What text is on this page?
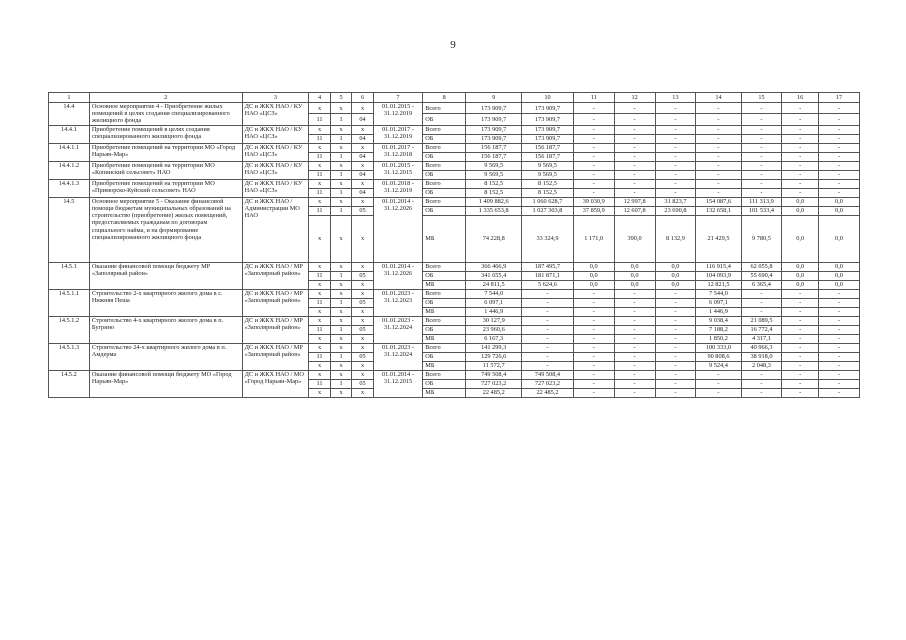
9
1	2	3	4	5	6	7	8	9	10	11	12	13	14	15	16	17
14.4	Основное мероприятие 4 - Приобретение жилых помещений в целях создания специализированного жилищного фонда	ДС и ЖКХ НАО / КУ НАО «ЦСЗ»	х	х	х	01.01.2015 - 31.12.2019	Всего	173 909,7	173 909,7	-	-	-	-	-	-	-
			11	1	04		ОБ	173 909,7	173 909,7	-	-	-	-	-	-	-
14.4.1	Приобретение помещений в целях создания специализированного жилищного фонда	ДС и ЖКХ НАО / КУ НАО «ЦСЗ»	х	х	х	01.01.2017 - 31.12.2019	Всего	173 909,7	173 909,7	-	-	-	-	-	-	-
			11	1	04		ОБ	173 909,7	173 909,7	-	-	-	-	-	-	-
14.4.1.1	Приобретение помещений на территории МО «Город Нарьян-Мар»	ДС и ЖКХ НАО / КУ НАО «ЦСЗ»	х	х	х	01.01.2017 - 31.12.2018	Всего	156 187,7	156 187,7	-	-	-	-	-	-	-
			11	1	04		ОБ	156 187,7	156 187,7	-	-	-	-	-	-	-
14.4.1.2	Приобретение помещений на территории МО «Копинский сельсовет» НАО	ДС и ЖКХ НАО / КУ НАО «ЦСЗ»	х	х	х	01.01.2015 - 31.12.2015	Всего	9 569,5	9 569,5	-	-	-	-	-	-	-
			11	1	04		ОБ	9 569,5	9 569,5	-	-	-	-	-	-	-
14.4.1.3	Приобретение помещений на территории МО «Приморско-Куйский сельсовет» НАО	ДС и ЖКХ НАО / КУ НАО «ЦСЗ»	х	х	х	01.01.2018 - 31.12.2019	Всего	8 152,5	8 152,5	-	-	-	-	-	-	-
			11	1	04		ОБ	8 152,5	8 152,5	-	-	-	-	-	-	-
14.5	Основное мероприятие 5 - Оказание финансовой помощи бюджетам муниципальных образований на строительство (приобретение) жилых помещений, предоставляемых гражданам по договорам социального найма, и на формирование специализированного жилищного фонда	ДС и ЖКХ НАО / Администрации МО НАО	х	х	х	01.01.2014 - 31.12.2026	Всего	1 409 882,6	1 060 628,7	39 030,9	12 997,8	31 823,7	154 087,6	111 313,9	0,0	0,0
			11	1	05		ОБ	1 335 653,8	1 027 303,8	37 859,9	12 607,8	23 690,8	132 658,1	101 533,4	0,0	0,0
			х	х	х		МБ	74 228,8	33 324,9	1 171,0	390,0	8 132,9	21 429,5	9 780,5	0,0	0,0
14.5.1	Оказание финансовой помощи бюджету МР «Заполярный район»	ДС и ЖКХ НАО / МР «Заполярный район»	х	х	х	01.01.2014 - 31.12.2026	Всего	366 466,9	187 495,7	0,0	0,0	0,0	116 915,4	62 055,8	0,0	0,0
			11	1	05		ОБ	341 655,4	181 871,1	0,0	0,0	0,0	104 093,9	55 690,4	0,0	0,0
			х	х	х		МБ	24 811,5	5 624,6	0,0	0,0	0,0	12 821,5	6 365,4	0,0	0,0
14.5.1.1	Строительство 2-х квартирного жилого дома в с. Нижняя Пеша	ДС и ЖКХ НАО / МР «Заполярный район»	х	х	х	01.01.2023 - 31.12.2023	Всего	7 544,0	-	-	-	-	7 544,0	-	-	-
			11	1	05		ОБ	6 097,1	-	-	-	-	6 097,1	-	-	-
			х	х	х		МБ	1 446,9	-	-	-	-	1 446,9	-	-	-
14.5.1.2	Строительство 4-х квартирного жилого дома в п. Бугрино	ДС и ЖКХ НАО / МР «Заполярный район»	х	х	х	01.01.2023 - 31.12.2024	Всего	30 127,9	-	-	-	-	9 038,4	21 089,5	-	-
			11	1	05		ОБ	23 960,6	-	-	-	-	7 188,2	16 772,4	-	-
			х	х	х		МБ	6 167,3	-	-	-	-	1 850,2	4 317,1	-	-
14.5.1.3	Строительство 24-х квартирного жилого дома в п. Амдерма	ДС и ЖКХ НАО / МР «Заполярный район»	х	х	х	01.01.2023 - 31.12.2024	Всего	141 299,3	-	-	-	-	100 333,0	40 966,3	-	-
			11	1	05		ОБ	129 726,6	-	-	-	-	90 808,6	38 918,0	-	-
			х	х	х		МБ	11 572,7	-	-	-	-	9 524,4	2 048,3	-	-
14.5.2	Оказание финансовой помощи бюджету МО «Город Нарьян-Мар»	ДС и ЖКХ НАО / МО «Город Нарьян-Мар»	х	х	х	01.01.2014 - 31.12.2015	Всего	749 508,4	749 508,4	-	-	-	-	-	-	-
			11	1	05		ОБ	727 023,2	727 023,2	-	-	-	-	-	-	-
			х	х	х		МБ	22 485,2	22 485,2	-	-	-	-	-	-	-
